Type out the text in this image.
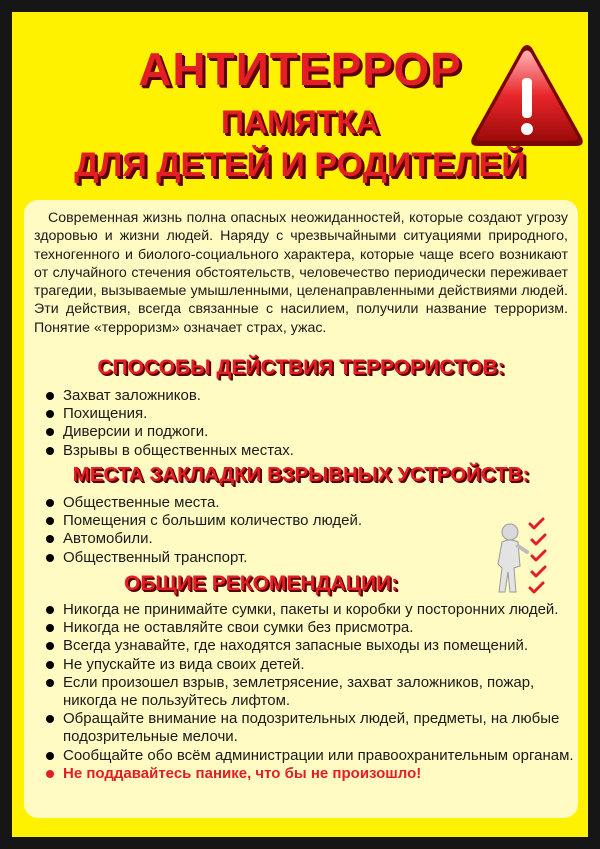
АНТИТЕРРОР
ПАМЯТКА
ДЛЯ ДЕТЕЙ И РОДИТЕЛЕЙ

Современная жизнь полна опасных неожиданностей, которые создают угрозу здоровью и жизни людей. Наряду с чрезвычайными ситуациями природного, техногенного и биолого-социального характера, которые чаще всего возникают от случайного стечения обстоятельств, человечество периодически переживает трагедии, вызываемые умышленными, целенаправленными действиями людей. Эти действия, всегда связанные с насилием, получили название терроризм. Понятие «терроризм» означает страх, ужас.

СПОСОБЫ ДЕЙСТВИЯ ТЕРРОРИСТОВ:
Захват заложников.
Похищения.
Диверсии и поджоги.
Взрывы в общественных местах.
МЕСТА ЗАКЛАДКИ ВЗРЫВНЫХ УСТРОЙСТВ:
Общественные места.
Помещения с большим количество людей.
Автомобили.
Общественный транспорт.
ОБЩИЕ РЕКОМЕНДАЦИИ:
Никогда не принимайте сумки, пакеты и коробки у посторонних людей.
Никогда не оставляйте свои сумки без присмотра.
Всегда узнавайте, где находятся запасные выходы из помещений.
Не упускайте из вида своих детей.
Если произошел взрыв, землетрясение, захват заложников, пожар, никогда не пользуйтесь лифтом.
Обращайте внимание на подозрительных людей, предметы, на любые подозрительные мелочи.
Сообщайте обо всём администрации или правоохранительным органам.
Не поддавайтесь панике, что бы не произошло!
